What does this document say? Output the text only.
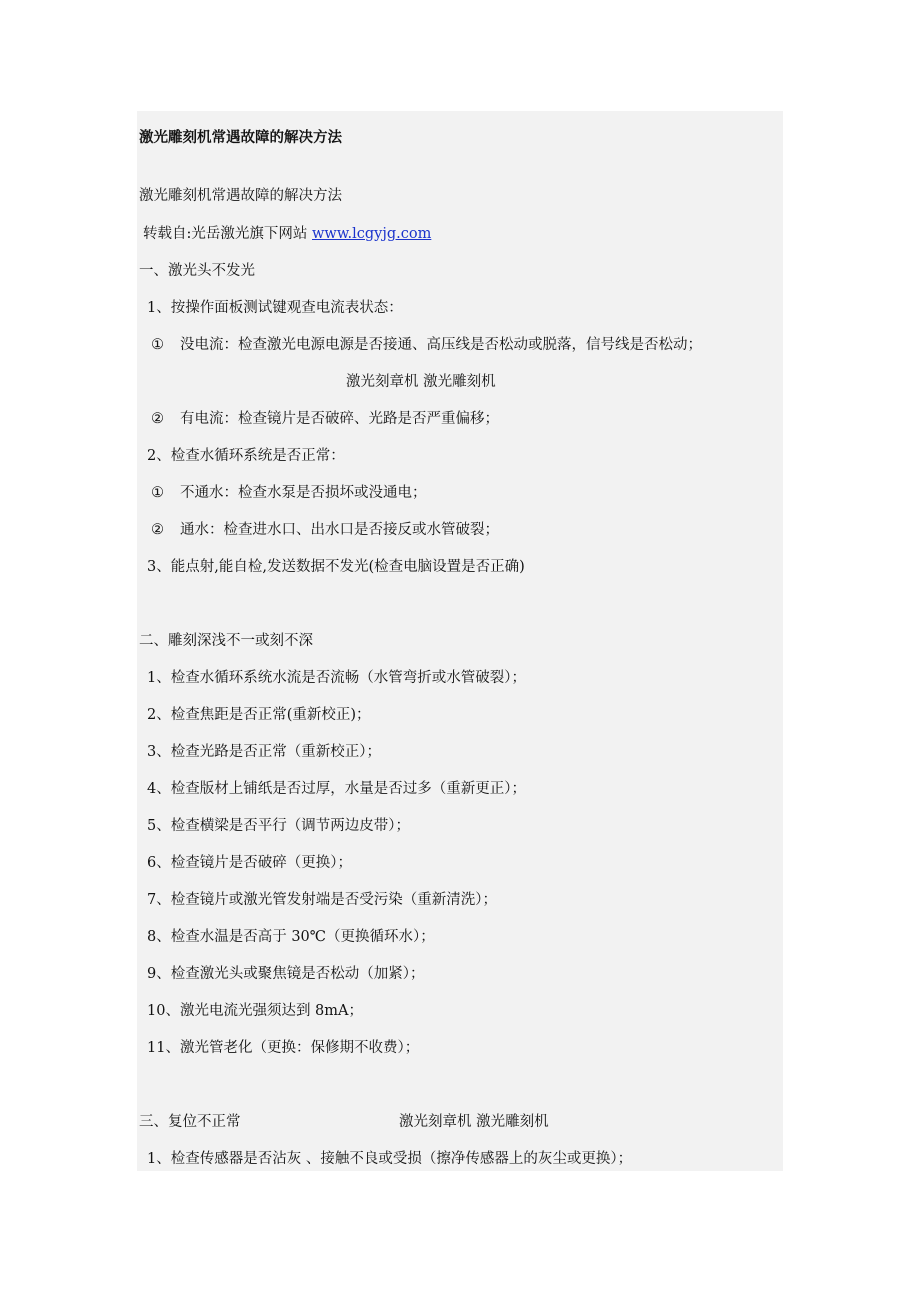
激光雕刻机常遇故障的解决方法
激光雕刻机常遇故障的解决方法
转载自:光岳激光旗下网站 www.lcgyjg.com
一、激光头不发光
1、按操作面板测试键观查电流表状态：
① 没电流：检查激光电源电源是否接通、高压线是否松动或脱落，信号线是否松动；
激光刻章机 激光雕刻机
② 有电流：检查镜片是否破碎、光路是否严重偏移；
2、检查水循环系统是否正常：
① 不通水：检查水泵是否损坏或没通电；
② 通水：检查进水口、出水口是否接反或水管破裂；
3、能点射,能自检,发送数据不发光(检查电脑设置是否正确)
二、雕刻深浅不一或刻不深
1、检查水循环系统水流是否流畅（水管弯折或水管破裂）；
2、检查焦距是否正常(重新校正)；
3、检查光路是否正常（重新校正）；
4、检查版材上铺纸是否过厚，水量是否过多（重新更正）；
5、检查横梁是否平行（调节两边皮带）；
6、检查镜片是否破碎（更换）；
7、检查镜片或激光管发射端是否受污染（重新清洗）；
8、检查水温是否高于 30℃（更换循环水）；
9、检查激光头或聚焦镜是否松动（加紧）；
10、激光电流光强须达到 8mA；
11、激光管老化（更换：保修期不收费）；
三、复位不正常	激光刻章机 激光雕刻机
1、检查传感器是否沾灰 、接触不良或受损（擦净传感器上的灰尘或更换）；
